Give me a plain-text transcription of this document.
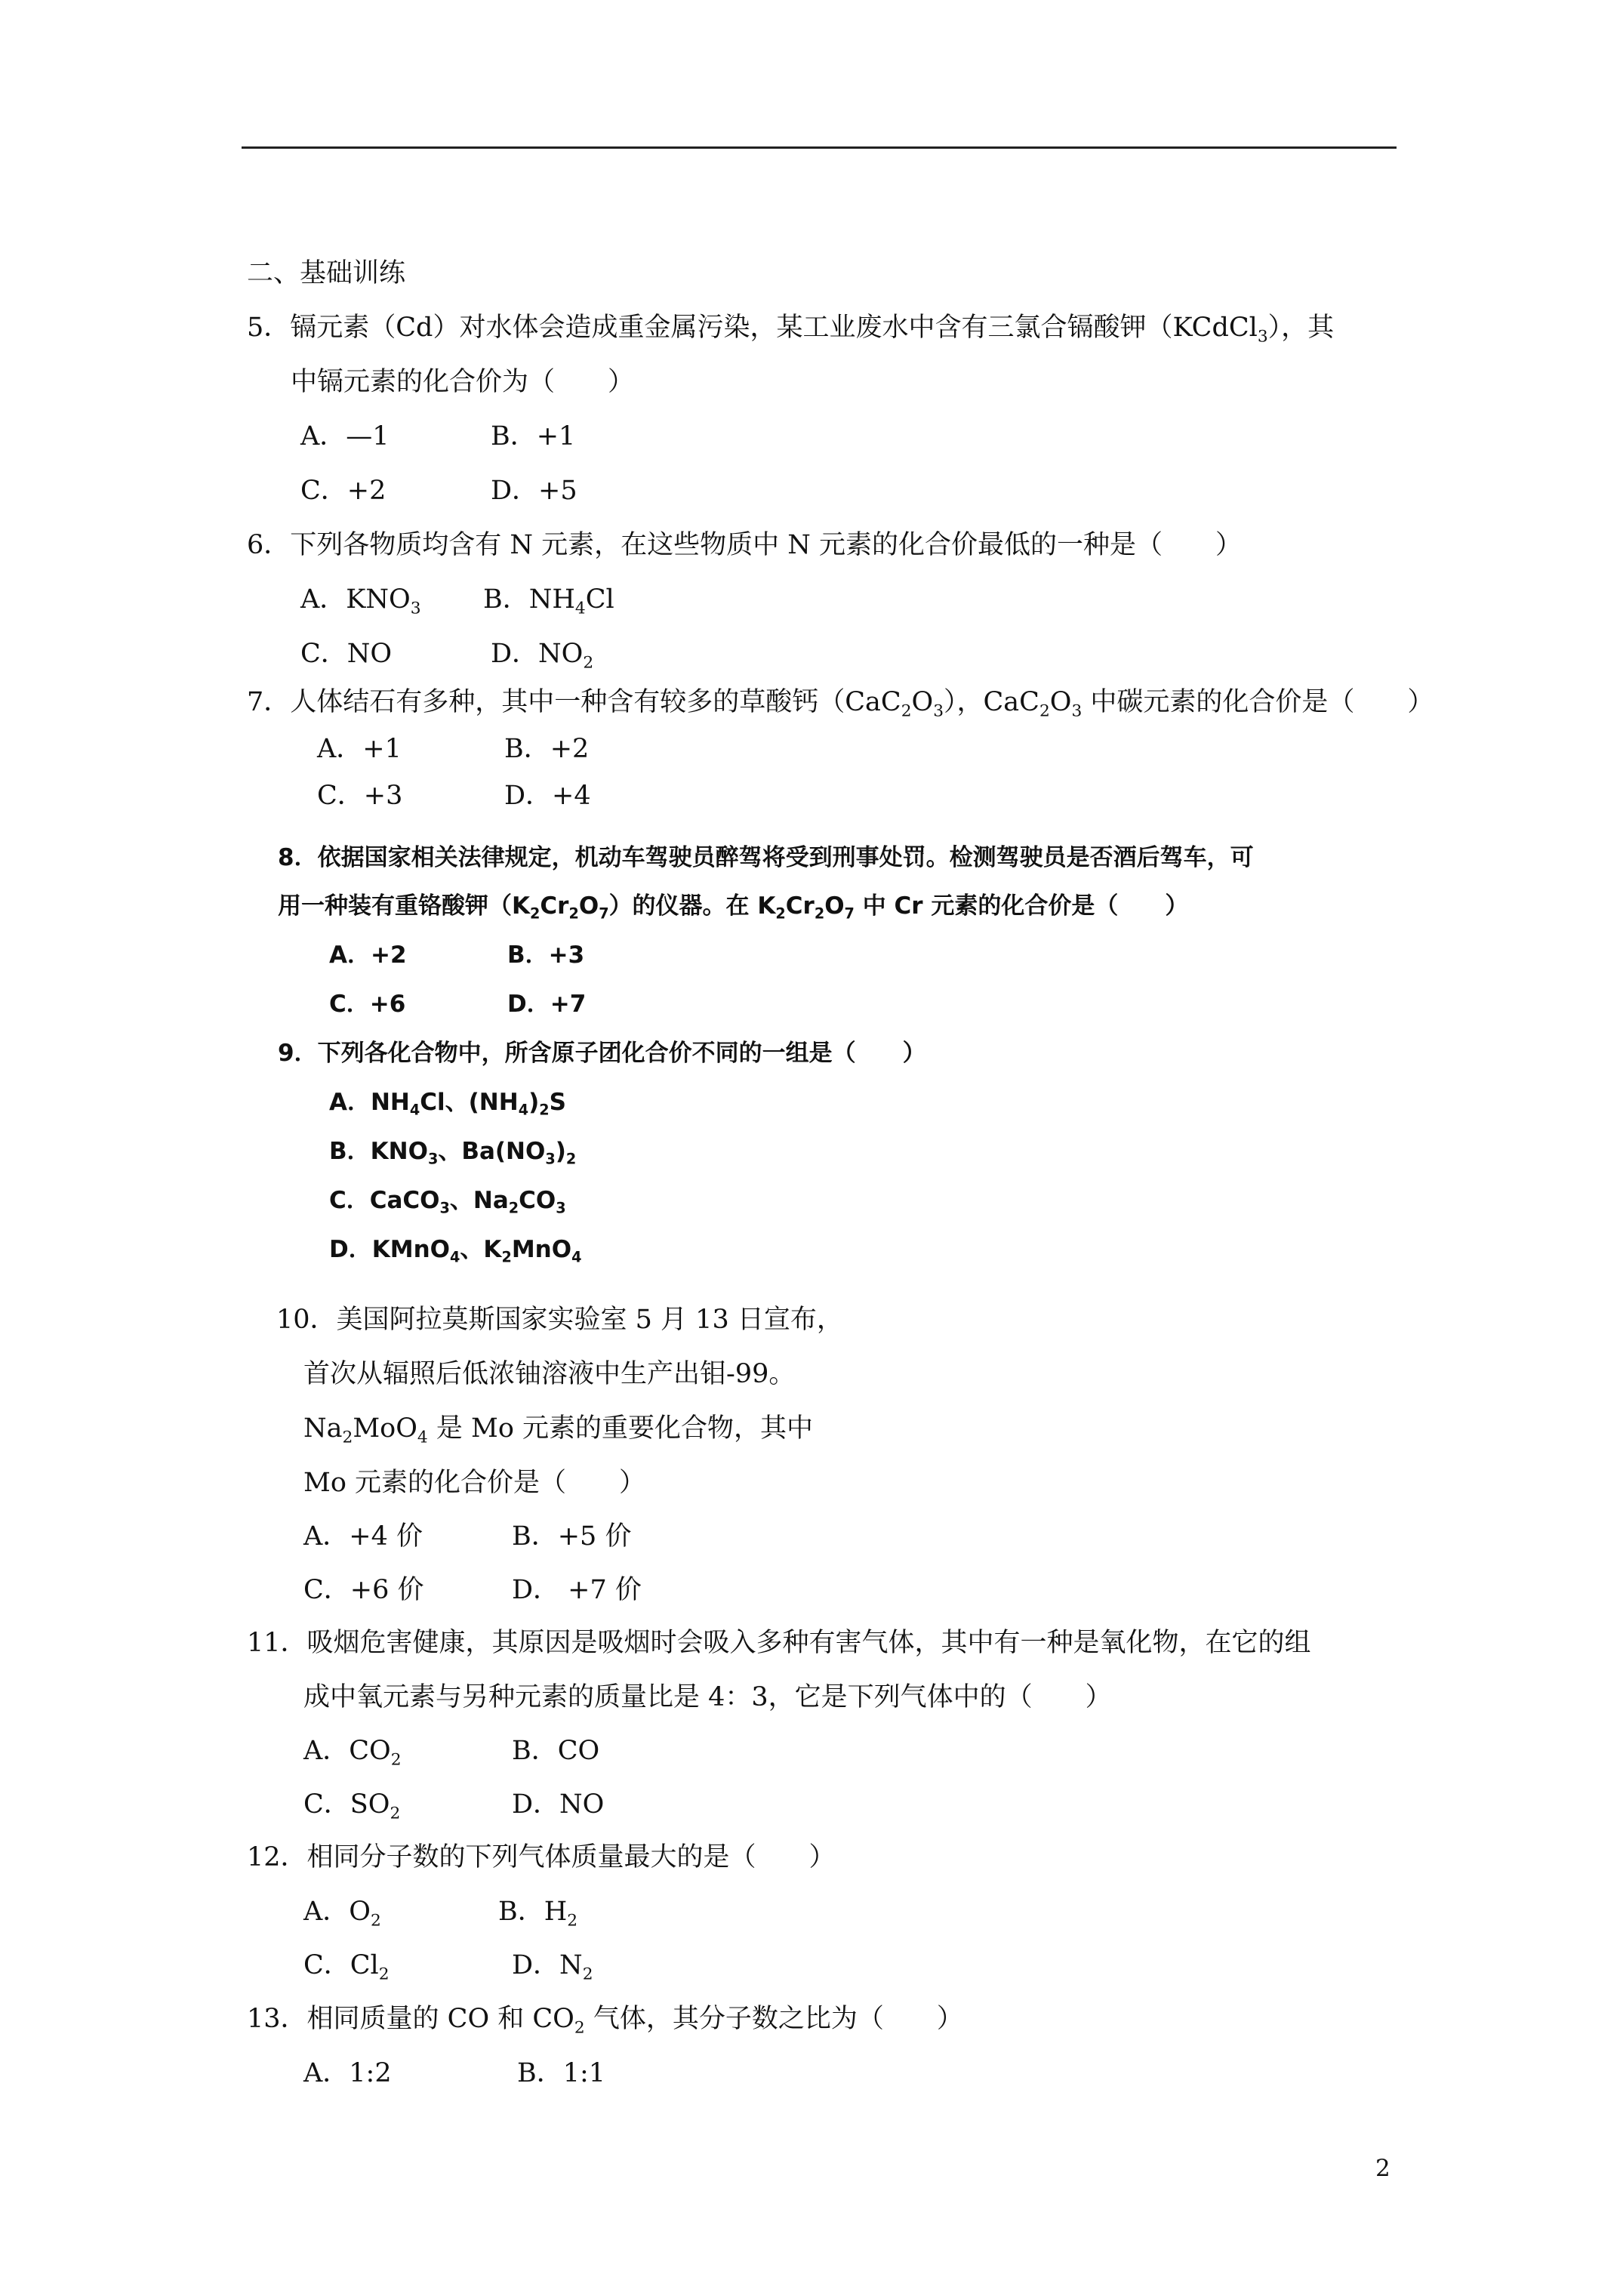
二、基础训练
5．镉元素（Cd）对水体会造成重金属污染，某工业废水中含有三氯合镉酸钾（KCdCl$_3$），其
中镉元素的化合价为（　　）
A．—1	B．+1
C．+2	D．+5
6．下列各物质均含有 N 元素，在这些物质中 N 元素的化合价最低的一种是（　　）
A．$KNO_3$ B．$NH_4Cl$
C．NO	D．$NO_2$
7．人体结石有多种，其中一种含有较多的草酸钙$(CaC_2O_3)$，$CaC_2O_3$ 中碳元素的化合价是（　　）
A．+1	B．+2
C．+3	D．+4
8．依据国家相关法律规定，机动车驾驶员醉驾将受到刑事处罚。检测驾驶员是否酒后驾车，可
用一种装有重铬酸钾$(K_2Cr_2O_7)$的仪器。在 $K_2Cr_2O_7$ 中 Cr 元素的化合价是（　　）
A．+2	B．+3
C．+6	D．+7
9．下列各化合物中，所含原子团化合价不同的一组是（　　）
A．$NH_4Cl$、$(NH_4)_2S$
B．$KNO_3$、$Ba(NO_3)_2$
C．CaCO$_3$、$Na_2CO_3$
D．KMnO$_4$、$K_2MnO_4$
10．美国阿拉莫斯国家实验室 5 月 13 日宣布，
首次从辐照后低浓铀溶液中生产出钼-99。
$Na_2MoO_4$ 是 Mo 元素的重要化合物，其中
Mo 元素的化合价是（　　）
A．+4 价	B．+5 价
C．+6 价	D． +7 价
11．吸烟危害健康，其原因是吸烟时会吸入多种有害气体，其中有一种是氧化物，在它的组
成中氧元素与另种元素的质量比是 4：3，它是下列气体中的（　　）
A．$CO_2$	B．CO
C．$SO_2$	D．NO
12．相同分子数的下列气体质量最大的是（　　）
A．$O_2$	B．$H_2$
C．$Cl_2$	D．$N_2$
13．相同质量的 CO 和 $CO_2$ 气体，其分子数之比为（　　）
A．1:2	B．1:1
2
